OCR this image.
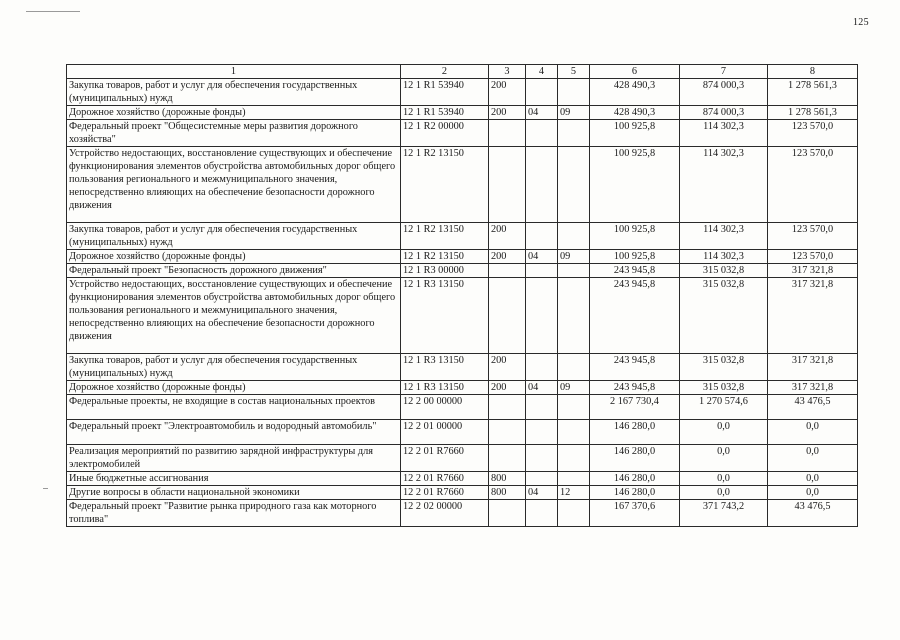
125
1	2	3	4	5	6	7	8
Закупка товаров, работ и услуг для обеспечения государственных (муниципальных) нужд	12 1 R1 53940	200			428 490,3	874 000,3	1 278 561,3
Дорожное хозяйство (дорожные фонды)	12 1 R1 53940	200	04	09	428 490,3	874 000,3	1 278 561,3
Федеральный проект "Общесистемные меры развития дорожного хозяйства"	12 1 R2 00000				100 925,8	114 302,3	123 570,0
Устройство недостающих, восстановление существующих и обеспечение функционирования элементов обустройства автомобильных дорог общего пользования регионального и межмуниципального значения, непосредственно влияющих на обеспечение безопасности дорожного движения	12 1 R2 13150				100 925,8	114 302,3	123 570,0
Закупка товаров, работ и услуг для обеспечения государственных (муниципальных) нужд	12 1 R2 13150	200			100 925,8	114 302,3	123 570,0
Дорожное хозяйство (дорожные фонды)	12 1 R2 13150	200	04	09	100 925,8	114 302,3	123 570,0
Федеральный проект "Безопасность дорожного движения"	12 1 R3 00000				243 945,8	315 032,8	317 321,8
Устройство недостающих, восстановление существующих и обеспечение функционирования элементов обустройства автомобильных дорог общего пользования регионального и межмуниципального значения, непосредственно влияющих на обеспечение безопасности дорожного движения	12 1 R3 13150				243 945,8	315 032,8	317 321,8
Закупка товаров, работ и услуг для обеспечения государственных (муниципальных) нужд	12 1 R3 13150	200			243 945,8	315 032,8	317 321,8
Дорожное хозяйство (дорожные фонды)	12 1 R3 13150	200	04	09	243 945,8	315 032,8	317 321,8
Федеральные проекты, не входящие в состав национальных проектов	12 2 00 00000				2 167 730,4	1 270 574,6	43 476,5
Федеральный проект "Электроавтомобиль и водородный автомобиль"	12 2 01 00000				146 280,0	0,0	0,0
Реализация мероприятий по развитию зарядной инфраструктуры для электромобилей	12 2 01 R7660				146 280,0	0,0	0,0
Иные бюджетные ассигнования	12 2 01 R7660	800			146 280,0	0,0	0,0
Другие вопросы в области национальной экономики	12 2 01 R7660	800	04	12	146 280,0	0,0	0,0
Федеральный проект "Развитие рынка природного газа как моторного топлива"	12 2 02 00000				167 370,6	371 743,2	43 476,5
